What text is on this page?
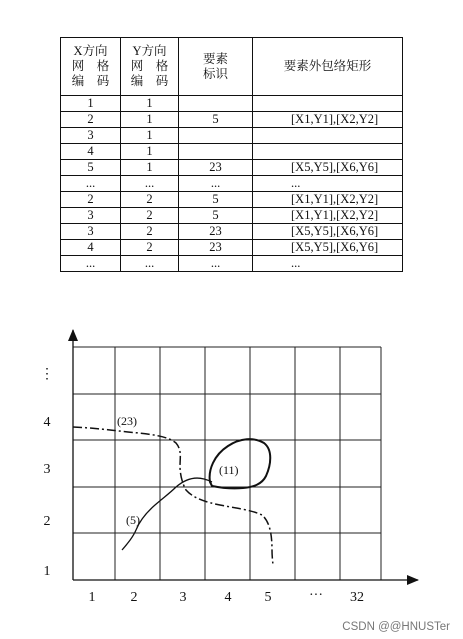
X方向
网　格
编　码	Y方向
网　格
编　码	要素
标识	要素外包络矩形

1	1		
2	1	5	[X1,Y1],[X2,Y2]
3	1		
4	1		
5	1	23	[X5,Y5],[X6,Y6]
...	...	...	...
2	2	5	[X1,Y1],[X2,Y2]
3	2	5	[X1,Y1],[X2,Y2]
3	2	23	[X5,Y5],[X6,Y6]
4	2	23	[X5,Y5],[X6,Y6]
...	...	...	...
1	2	3	4 5	··· 32
1
2
3
4
⋮
(23)
(11)
(5)
CSDN @@HNUSTer
